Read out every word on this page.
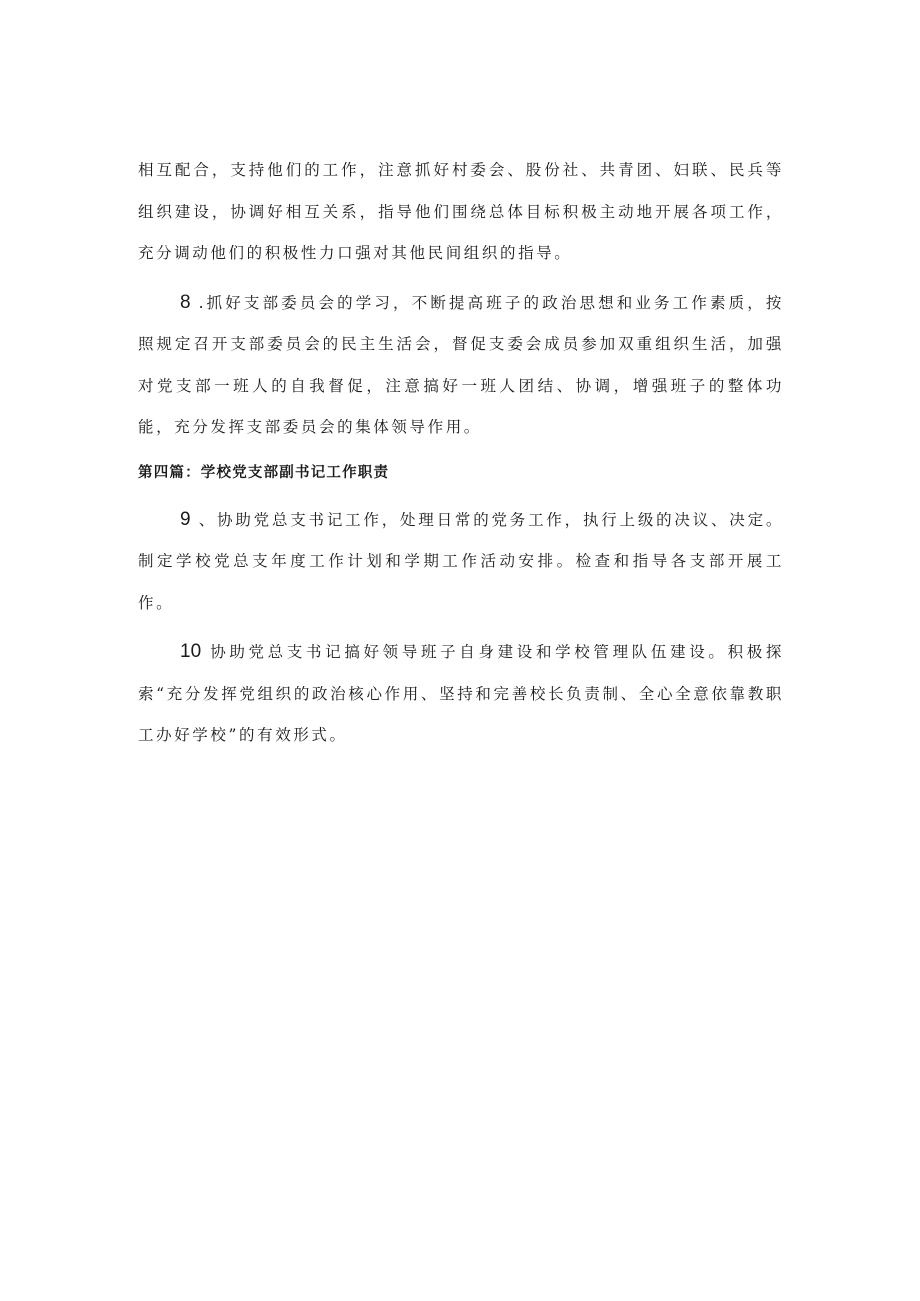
相互配合，支持他们的工作，注意抓好村委会、股份社、共青团、妇联、民兵等组织建设，协调好相互关系，指导他们围绕总体目标积极主动地开展各项工作，充分调动他们的积极性力口强对其他民间组织的指导。

8 .抓好支部委员会的学习，不断提高班子的政治思想和业务工作素质，按照规定召开支部委员会的民主生活会，督促支委会成员参加双重组织生活，加强对党支部一班人的自我督促，注意搞好一班人团结、协调，增强班子的整体功能，充分发挥支部委员会的集体领导作用。

第四篇：学校党支部副书记工作职责

9 、协助党总支书记工作，处理日常的党务工作，执行上级的决议、决定。制定学校党总支年度工作计划和学期工作活动安排。检查和指导各支部开展工作。

10 协助党总支书记搞好领导班子自身建设和学校管理队伍建设。积极探索“充分发挥党组织的政治核心作用、坚持和完善校长负责制、全心全意依靠教职工办好学校”的有效形式。
